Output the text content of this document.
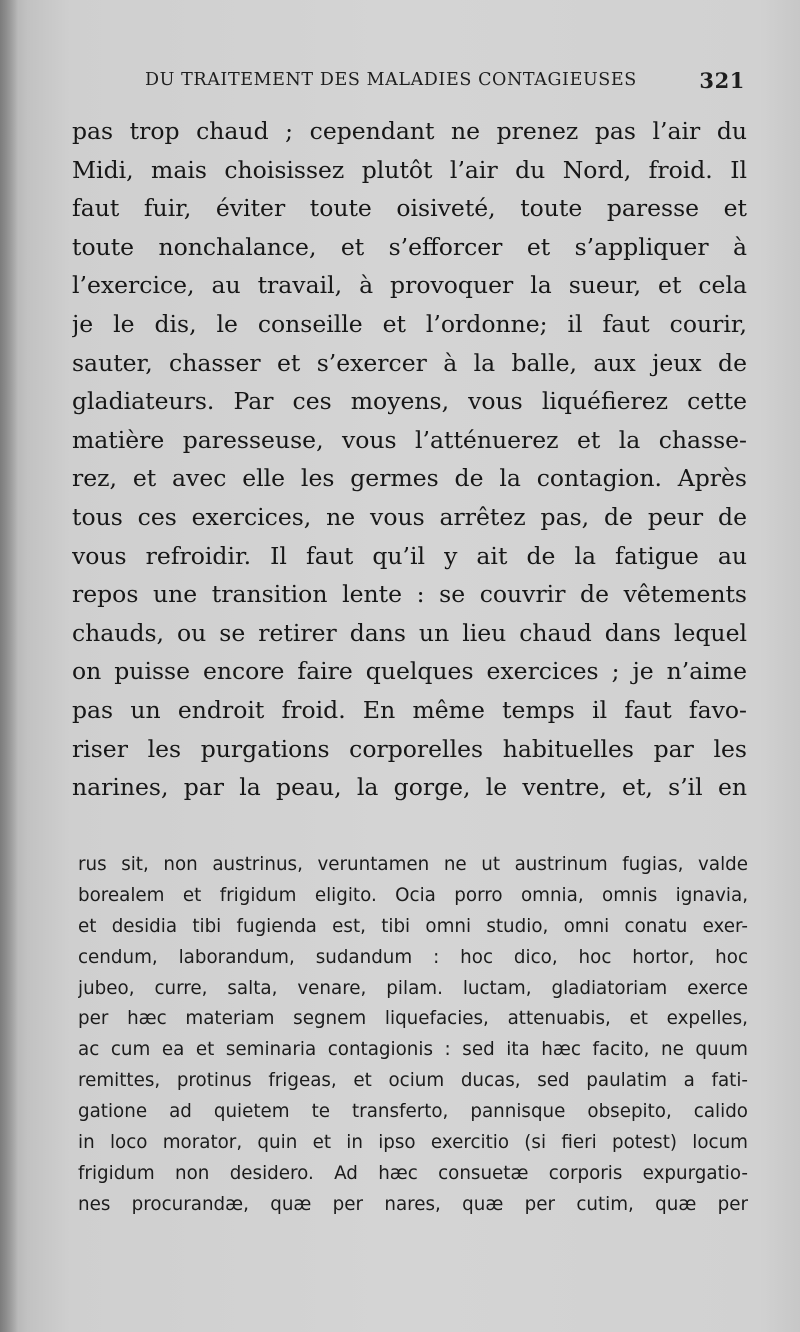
DU TRAITEMENT DES MALADIES CONTAGIEUSES	321
pas trop chaud ; cependant ne prenez pas l’air du
Midi, mais choisissez plutôt l’air du Nord, froid. Il
faut fuir, éviter toute oisiveté, toute paresse et
toute nonchalance, et s’efforcer et s’appliquer à
l’exercice, au travail, à provoquer la sueur, et cela
je le dis, le conseille et l’ordonne; il faut courir,
sauter, chasser et s’exercer à la balle, aux jeux de
gladiateurs. Par ces moyens, vous liquéfierez cette
matière paresseuse, vous l’atténuerez et la chasse-
rez, et avec elle les germes de la contagion. Après
tous ces exercices, ne vous arrêtez pas, de peur de
vous refroidir. Il faut qu’il y ait de la fatigue au
repos une transition lente : se couvrir de vêtements
chauds, ou se retirer dans un lieu chaud dans lequel
on puisse encore faire quelques exercices ; je n’aime
pas un endroit froid. En même temps il faut favo-
riser les purgations corporelles habituelles par les
narines, par la peau, la gorge, le ventre, et, s’il en
rus sit, non austrinus, veruntamen ne ut austrinum fugias, valde
borealem et frigidum eligito. Ocia porro omnia, omnis ignavia,
et desidia tibi fugienda est, tibi omni studio, omni conatu exer-
cendum, laborandum, sudandum : hoc dico, hoc hortor, hoc
jubeo, curre, salta, venare, pilam. luctam, gladiatoriam exerce
per hæc materiam segnem liquefacies, attenuabis, et expelles,
ac cum ea et seminaria contagionis : sed ita hæc facito, ne quum
remittes, protinus frigeas, et ocium ducas, sed paulatim a fati-
gatione ad quietem te transferto, pannisque obsepito, calido
in loco morator, quin et in ipso exercitio (si fieri potest) locum
frigidum non desidero. Ad hæc consuetæ corporis expurgatio-
nes procurandæ, quæ per nares, quæ per cutim, quæ per
